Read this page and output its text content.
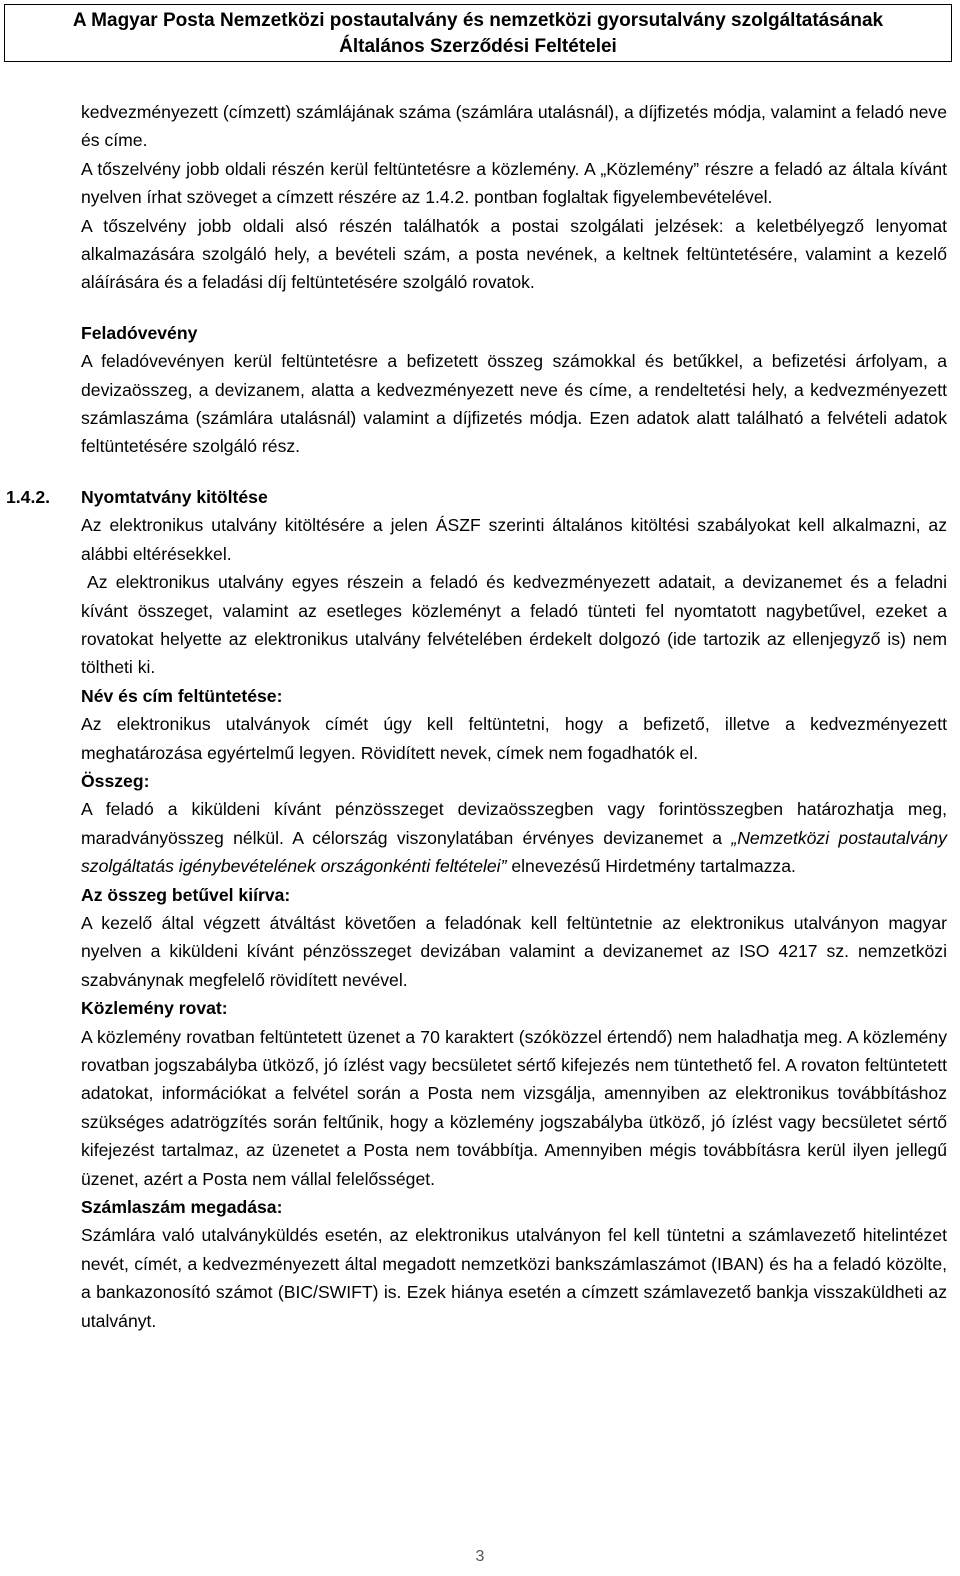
A Magyar Posta Nemzetközi postautalvány és nemzetközi gyorsutalvány szolgáltatásának
Általános Szerződési Feltételei

kedvezményezett (címzett) számlájának száma (számlára utalásnál), a díjfizetés módja, valamint a feladó neve és címe.

A tőszelvény jobb oldali részén kerül feltüntetésre a közlemény. A „Közlemény” részre a feladó az általa kívánt nyelven írhat szöveget a címzett részére az 1.4.2. pontban foglaltak figyelembevételével.

A tőszelvény jobb oldali alsó részén találhatók a postai szolgálati jelzések: a keletbélyegző lenyomat alkalmazására szolgáló hely, a bevételi szám, a posta nevének, a keltnek feltüntetésére, valamint a kezelő aláírására és a feladási díj feltüntetésére szolgáló rovatok.

Feladóvevény

A feladóvevényen kerül feltüntetésre a befizetett összeg számokkal és betűkkel, a befizetési árfolyam, a devizaösszeg, a devizanem, alatta a kedvezményezett neve és címe, a rendeltetési hely, a kedvezményezett számlaszáma (számlára utalásnál) valamint a díjfizetés módja. Ezen adatok alatt található a felvételi adatok feltüntetésére szolgáló rész.

1.4.2. Nyomtatvány kitöltése

Az elektronikus utalvány kitöltésére a jelen ÁSZF szerinti általános kitöltési szabályokat kell alkalmazni, az alábbi eltérésekkel.

Az elektronikus utalvány egyes részein a feladó és kedvezményezett adatait, a devizanemet és a feladni kívánt összeget, valamint az esetleges közleményt a feladó tünteti fel nyomtatott nagybetűvel, ezeket a rovatokat helyette az elektronikus utalvány felvételében érdekelt dolgozó (ide tartozik az ellenjegyző is) nem töltheti ki.

Név és cím feltüntetése:

Az elektronikus utalványok címét úgy kell feltüntetni, hogy a befizető, illetve a kedvezményezett meghatározása egyértelmű legyen. Rövidített nevek, címek nem fogadhatók el.

Összeg:

A feladó a kiküldeni kívánt pénzösszeget devizaösszegben vagy forintösszegben határozhatja meg, maradványösszeg nélkül. A célország viszonylatában érvényes devizanemet a „Nemzetközi postautalvány szolgáltatás igénybevételének országonkénti feltételei” elnevezésű Hirdetmény tartalmazza.

Az összeg betűvel kiírva:

A kezelő által végzett átváltást követően a feladónak kell feltüntetnie az elektronikus utalványon magyar nyelven a kiküldeni kívánt pénzösszeget devizában valamint a devizanemet az ISO 4217 sz. nemzetközi szabványnak megfelelő rövidített nevével.

Közlemény rovat:

A közlemény rovatban feltüntetett üzenet a 70 karaktert (szóközzel értendő) nem haladhatja meg. A közlemény rovatban jogszabályba ütköző, jó ízlést vagy becsületet sértő kifejezés nem tüntethető fel. A rovaton feltüntetett adatokat, információkat a felvétel során a Posta nem vizsgálja, amennyiben az elektronikus továbbításhoz szükséges adatrögzítés során feltűnik, hogy a közlemény jogszabályba ütköző, jó ízlést vagy becsületet sértő kifejezést tartalmaz, az üzenetet a Posta nem továbbítja. Amennyiben mégis továbbításra kerül ilyen jellegű üzenet, azért a Posta nem vállal felelősséget.

Számlaszám megadása:

Számlára való utalványküldés esetén, az elektronikus utalványon fel kell tüntetni a számlavezető hitelintézet nevét, címét, a kedvezményezett által megadott nemzetközi bankszámlaszámot (IBAN) és ha a feladó közölte, a bankazonosító számot (BIC/SWIFT) is. Ezek hiánya esetén a címzett számlavezető bankja visszaküldheti az utalványt.

3
